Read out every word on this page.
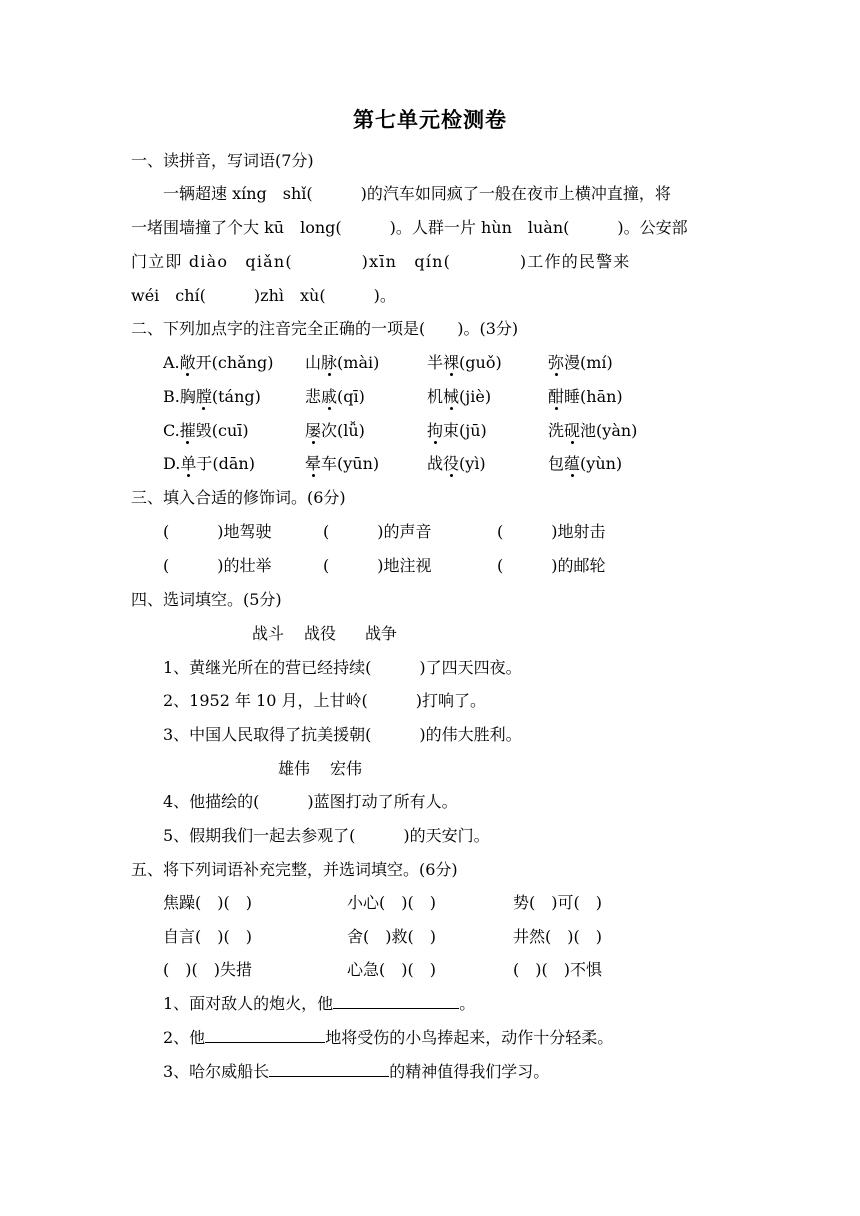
第七单元检测卷
一、读拼音，写词语(7分)
　　一辆超速 xíng　shǐ(　　　)的汽车如同疯了一般在夜市上横冲直撞，将
一堵围墙撞了个大 kū　long(　　　)。人群一片 hùn　luàn(　　　)。公安部
门立即 diào　qiǎn(　　　　)xīn　qín(　　　　)工作的民警来
wéi　chí(　　　)zhì　xù(　　　)。
二、下列加点字的注音完全正确的一项是(　　)。(3分)
A.敞开(chǎng) 山脉(mài)	半裸(guǒ)	弥漫(mí)
B.胸膛(táng)	悲戚(qī)	机械(jiè)	酣睡(hān)
C.摧毁(cuī)	屡次(lǚ)	拘束(jū)	洗砚池(yàn)
D.单于(dān)	晕车(yūn)	战役(yì)	包蕴(yùn)
三、填入合适的修饰词。(6分)
(　　　)地驾驶	(　　　)的声音	(　　　)地射击
(　　　)的壮举	(　　　)地注视	(　　　)的邮轮
四、选词填空。(5分)
战斗 战役 战争
1、黄继光所在的营已经持续(　　　)了四天四夜。
2、1952 年 10 月，上甘岭(　　　)打响了。
3、中国人民取得了抗美援朝(　　　)的伟大胜利。
雄伟 宏伟
4、他描绘的(　　　)蓝图打动了所有人。
5、假期我们一起去参观了(　　　)的天安门。
五、将下列词语补充完整，并选词填空。(6分)
焦躁(　)(　)	小心(　)(　)	势(　)可(　)
自言(　)(　)	舍(　)救(　)	井然(　)(　)
(　)(　)失措	心急(　)(　)	(　)(　)不惧
1、面对敌人的炮火，他	。
2、他	地将受伤的小鸟捧起来，动作十分轻柔。
3、哈尔威船长	的精神值得我们学习。
